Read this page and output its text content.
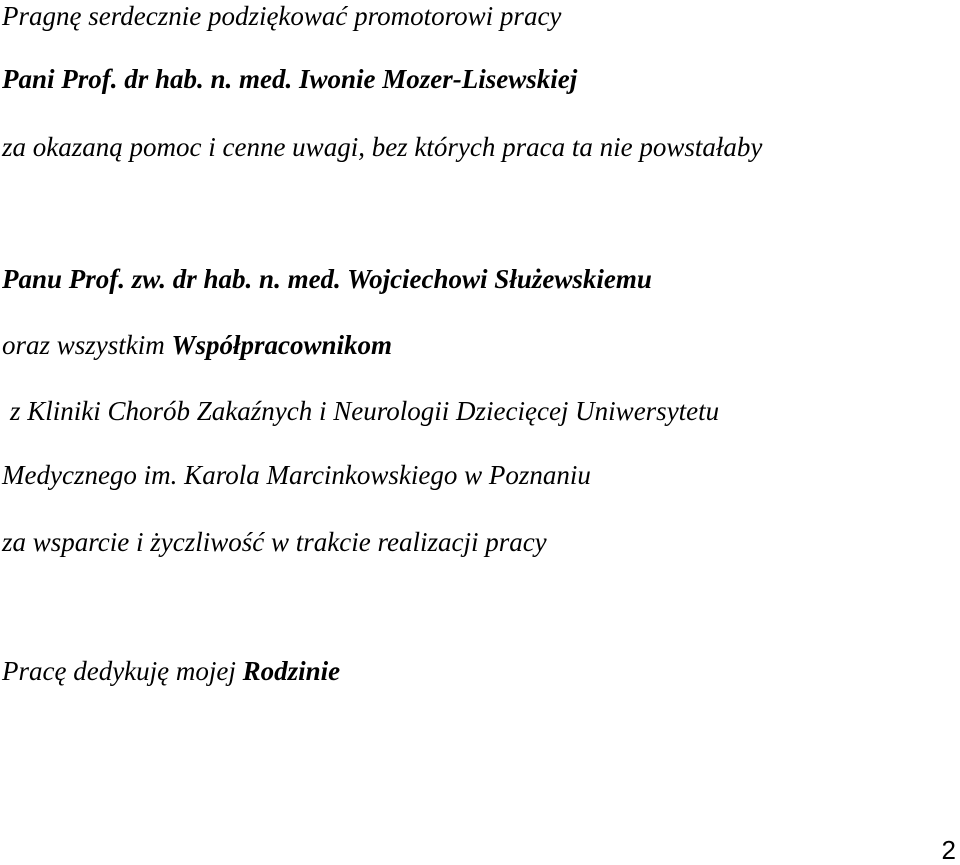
Pragnę serdecznie podziękować promotorowi pracy
Pani Prof. dr hab. n. med. Iwonie Mozer-Lisewskiej
za okazaną pomoc i cenne uwagi, bez których praca ta nie powstałaby
Panu Prof. zw. dr hab. n. med. Wojciechowi Służewskiemu
oraz wszystkim Współpracownikom
z Kliniki Chorób Zakaźnych i Neurologii Dziecięcej Uniwersytetu
Medycznego im. Karola Marcinkowskiego w Poznaniu
za wsparcie i życzliwość w trakcie realizacji pracy
Pracę dedykuję mojej Rodzinie
2
